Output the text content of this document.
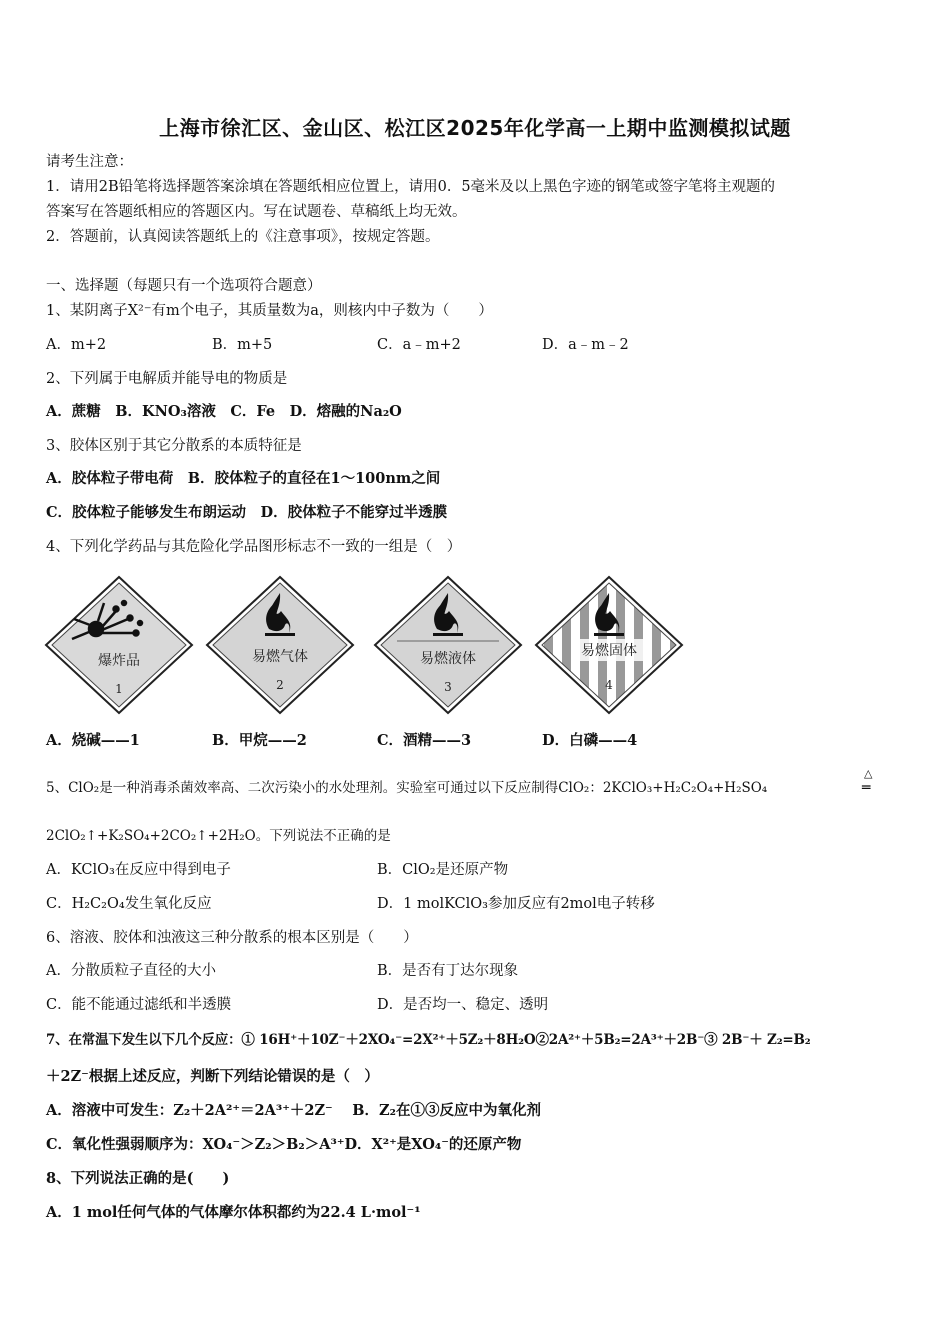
上海市徐汇区、金山区、松江区2025年化学高一上期中监测模拟试题
请考生注意：
1．请用2B铅笔将选择题答案涂填在答题纸相应位置上，请用0．5毫米及以上黑色字迹的钢笔或签字笔将主观题的
答案写在答题纸相应的答题区内。写在试题卷、草稿纸上均无效。
2．答题前，认真阅读答题纸上的《注意事项》，按规定答题。
一、选择题（每题只有一个选项符合题意）
1、某阴离子X²⁻有m个电子，其质量数为a，则核内中子数为（　　）
A．m+2	B．m+5	C．a﹣m+2	D．a﹣m﹣2
2、下列属于电解质并能导电的物质是
A．蔗糖　B．KNO₃溶液　C．Fe　D．熔融的Na₂O
3、胶体区别于其它分散系的本质特征是
A．胶体粒子带电荷　B．胶体粒子的直径在1～100nm之间
C．胶体粒子能够发生布朗运动　D．胶体粒子不能穿过半透膜
4、下列化学药品与其危险化学品图形标志不一致的一组是（　）
爆炸品
1
易燃气体
2
易燃液体
3
易燃固体
4
A．烧碱——1	B．甲烷——2	C．酒精——3	D．白磷——4
5、ClO₂是一种消毒杀菌效率高、二次污染小的水处理剂。实验室可通过以下反应制得ClO₂：2KClO₃+H₂C₂O₄+H₂SO₄
△
═
2ClO₂↑+K₂SO₄+2CO₂↑+2H₂O。下列说法不正确的是
A．KClO₃在反应中得到电子	B．ClO₂是还原产物
C．H₂C₂O₄发生氧化反应	D．1 molKClO₃参加反应有2mol电子转移
6、溶液、胶体和浊液这三种分散系的根本区别是（　　）
A．分散质粒子直径的大小	B．是否有丁达尔现象
C．能不能通过滤纸和半透膜	D．是否均一、稳定、透明
7、在常温下发生以下几个反应：① 16H⁺＋10Z⁻＋2XO₄⁻=2X²⁺＋5Z₂＋8H₂O②2A²⁺＋5B₂=2A³⁺＋2B⁻③ 2B⁻＋ Z₂=B₂
＋2Z⁻根据上述反应，判断下列结论错误的是（　）
A．溶液中可发生：Z₂＋2A²⁺＝2A³⁺＋2Z⁻　 B．Z₂在①③反应中为氧化剂
C．氧化性强弱顺序为：XO₄⁻＞Z₂＞B₂＞A³⁺D．X²⁺是XO₄⁻的还原产物
8、下列说法正确的是(　　)
A．1 mol任何气体的气体摩尔体积都约为22.4 L·mol⁻¹
